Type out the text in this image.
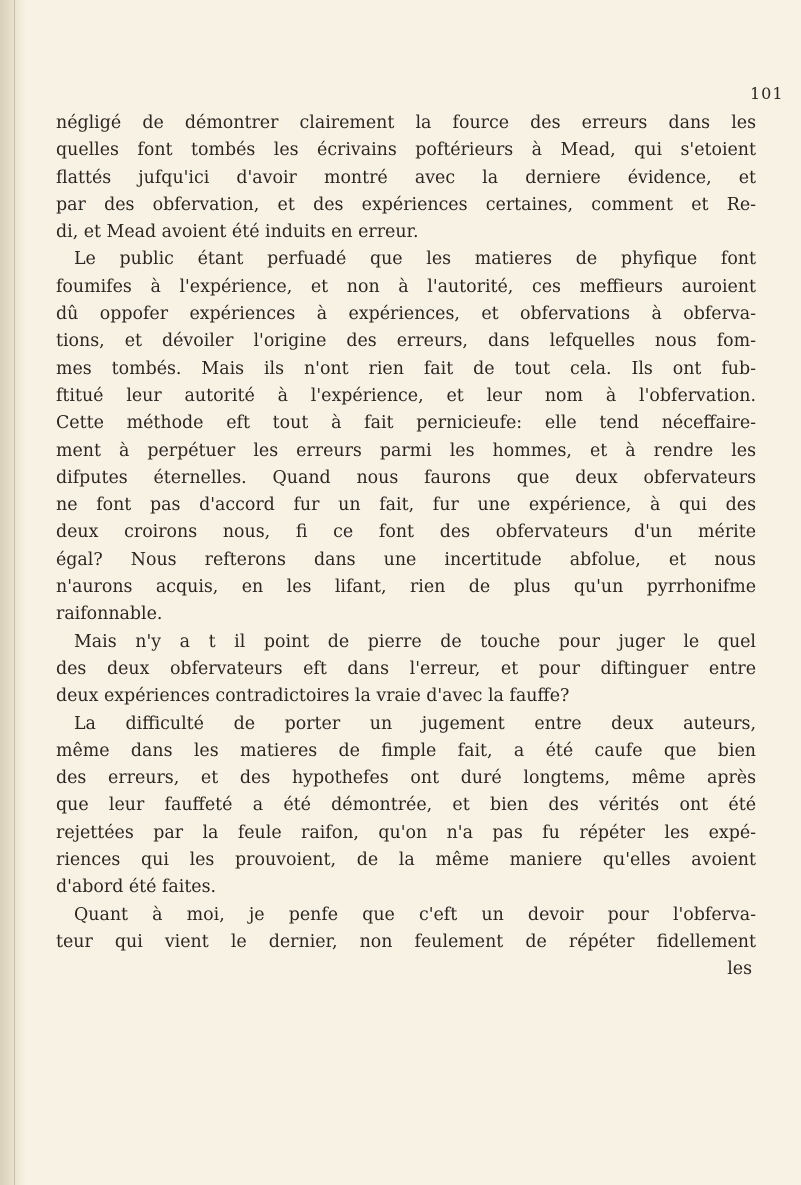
101

négligé de démontrer clairement la fource des erreurs dans les
quelles font tombés les écrivains poftérieurs à Mead, qui s'etoient
flattés jufqu'ici d'avoir montré avec la derniere évidence, et
par des obfervation, et des expériences certaines, comment et Re-
di, et Mead avoient été induits en erreur.

Le public étant perfuadé que les matieres de phyfique font
foumifes à l'expérience, et non à l'autorité, ces meffieurs auroient
dû oppofer expériences à expériences, et obfervations à obferva-
tions, et dévoiler l'origine des erreurs, dans lefquelles nous fom-
mes tombés. Mais ils n'ont rien fait de tout cela. Ils ont fub-
ftitué leur autorité à l'expérience, et leur nom à l'obfervation.
Cette méthode eft tout à fait pernicieufe: elle tend néceffaire-
ment à perpétuer les erreurs parmi les hommes, et à rendre les
difputes éternelles. Quand nous faurons que deux obfervateurs
ne font pas d'accord fur un fait, fur une expérience, à qui des
deux croirons nous, fi ce font des obfervateurs d'un mérite
égal? Nous refterons dans une incertitude abfolue, et nous
n'aurons acquis, en les lifant, rien de plus qu'un pyrrhonifme
raifonnable.

Mais n'y a t il point de pierre de touche pour juger le quel
des deux obfervateurs eft dans l'erreur, et pour diftinguer entre
deux expériences contradictoires la vraie d'avec la fauffe?

La difficulté de porter un jugement entre deux auteurs,
même dans les matieres de fimple fait, a été caufe que bien
des erreurs, et des hypothefes ont duré longtems, même après
que leur fauffeté a été démontrée, et bien des vérités ont été
rejettées par la feule raifon, qu'on n'a pas fu répéter les expé-
riences qui les prouvoient, de la même maniere qu'elles avoient
d'abord été faites.

Quant à moi, je penfe que c'eft un devoir pour l'obferva-
teur qui vient le dernier, non feulement de répéter fidellement

les
